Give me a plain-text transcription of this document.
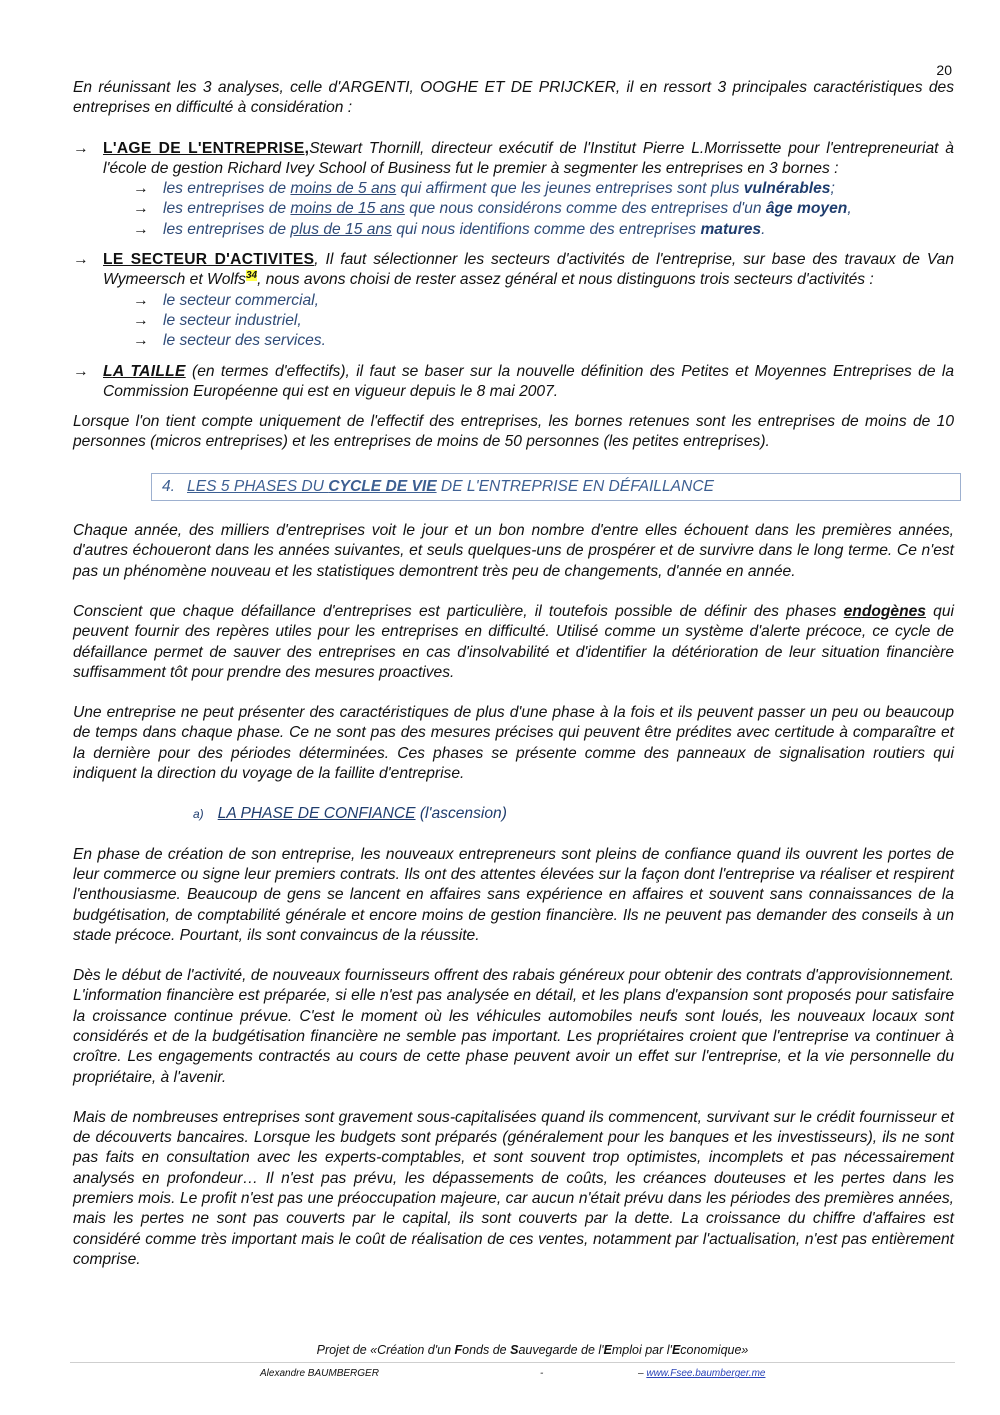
20

En réunissant les 3 analyses, celle d'ARGENTI, OOGHE ET DE PRIJCKER, il en ressort 3 principales caractéristiques des entreprises en difficulté à considération :

→ L'AGE DE L'ENTREPRISE,Stewart Thornill, directeur exécutif de l'Institut Pierre L.Morrissette pour l'entrepreneuriat à l'école de gestion Richard Ivey School of Business fut le premier à segmenter les entreprises en 3 bornes :

→ les entreprises de moins de 5 ans qui affirment que les jeunes entreprises sont plus vulnérables;
→ les entreprises de moins de 15 ans que nous considérons comme des entreprises d'un âge moyen,
→ les entreprises de plus de 15 ans qui nous identifions comme des entreprises matures.

→ LE SECTEUR D'ACTIVITES, Il faut sélectionner les secteurs d'activités de l'entreprise, sur base des travaux de Van Wymeersch et Wolfs$^{34}$, nous avons choisi de rester assez général et nous distinguons trois secteurs d'activités :

→ le secteur commercial,
→ le secteur industriel,
→ le secteur des services.

→ LA TAILLE (en termes d'effectifs), il faut se baser sur la nouvelle définition des Petites et Moyennes Entreprises de la Commission Européenne qui est en vigueur depuis le 8 mai 2007.

Lorsque l'on tient compte uniquement de l'effectif des entreprises, les bornes retenues sont les entreprises de moins de 10 personnes (micros entreprises) et les entreprises de moins de 50 personnes (les petites entreprises).

4. LES 5 PHASES DU CYCLE DE VIE DE L'ENTREPRISE EN DÉFAILLANCE

Chaque année, des milliers d'entreprises voit le jour et un bon nombre d'entre elles échouent dans les premières années, d'autres échoueront dans les années suivantes, et seuls quelques-uns de prospérer et de survivre dans le long terme. Ce n'est pas un phénomène nouveau et les statistiques demontrent très peu de changements, d'année en année.

Conscient que chaque défaillance d'entreprises est particulière, il toutefois possible de définir des phases endogènes qui peuvent fournir des repères utiles pour les entreprises en difficulté. Utilisé comme un système d'alerte précoce, ce cycle de défaillance permet de sauver des entreprises en cas d'insolvabilité et d'identifier la détérioration de leur situation financière suffisamment tôt pour prendre des mesures proactives.

Une entreprise ne peut présenter des caractéristiques de plus d'une phase à la fois et ils peuvent passer un peu ou beaucoup de temps dans chaque phase. Ce ne sont pas des mesures précises qui peuvent être prédites avec certitude à comparaître et la dernière pour des périodes déterminées. Ces phases se présente comme des panneaux de signalisation routiers qui indiquent la direction du voyage de la faillite d'entreprise.

a) LA PHASE DE CONFIANCE (l'ascension)

En phase de création de son entreprise, les nouveaux entrepreneurs sont pleins de confiance quand ils ouvrent les portes de leur commerce ou signe leur premiers contrats. Ils ont des attentes élevées sur la façon dont l'entreprise va réaliser et respirent l'enthousiasme. Beaucoup de gens se lancent en affaires sans expérience en affaires et souvent sans connaissances de la budgétisation, de comptabilité générale et encore moins de gestion financière. Ils ne peuvent pas demander des conseils à un stade précoce. Pourtant, ils sont convaincus de la réussite.

Dès le début de l'activité, de nouveaux fournisseurs offrent des rabais généreux pour obtenir des contrats d'approvisionnement. L'information financière est préparée, si elle n'est pas analysée en détail, et les plans d'expansion sont proposés pour satisfaire la croissance continue prévue. C'est le moment où les véhicules automobiles neufs sont loués, les nouveaux locaux sont considérés et de la budgétisation financière ne semble pas important. Les propriétaires croient que l'entreprise va continuer à croître. Les engagements contractés au cours de cette phase peuvent avoir un effet sur l'entreprise, et la vie personnelle du propriétaire, à l'avenir.

Mais de nombreuses entreprises sont gravement sous-capitalisées quand ils commencent, survivant sur le crédit fournisseur et de découverts bancaires. Lorsque les budgets sont préparés (généralement pour les banques et les investisseurs), ils ne sont pas faits en consultation avec les experts-comptables, et sont souvent trop optimistes, incomplets et pas nécessairement analysés en profondeur… Il n'est pas prévu, les dépassements de coûts, les créances douteuses et les pertes dans les premiers mois. Le profit n'est pas une préoccupation majeure, car aucun n'était prévu dans les périodes des premières années, mais les pertes ne sont pas couverts par le capital, ils sont couverts par la dette. La croissance du chiffre d'affaires est considéré comme très important mais le coût de réalisation de ces ventes, notamment par l'actualisation, n'est pas entièrement comprise.

Projet de «Création d'un Fonds de Sauvegarde de l'Emploi par l'Economique»
Alexandre BAUMBERGER	-	– www.Fsee.baumberger.me
